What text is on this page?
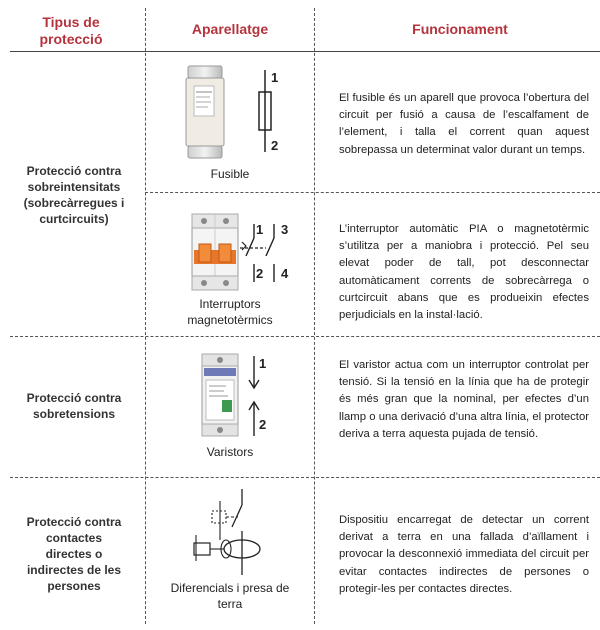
Tipus de protecció
Aparellatge	Funcionament
Protecció contra sobreintensitats (sobrecàrregues i curtcircuits)
1
2
Fusible
El fusible és un aparell que provoca l’obertura del circuit per fusió a causa de l’escalfament de l’element, i talla el corrent quan aquest sobrepassa un determinat valor durant un temps.
1 3
2 4
Interruptors magnetotèrmics
L’interruptor automàtic PIA o magnetotèrmic s’utilitza per a maniobra i protecció. Pel seu elevat poder de tall, pot desconnectar automàticament corrents de sobrecàrrega o curtcircuit abans que es produeixin efectes perjudicials en la instal·lació.
Protecció contra sobretensions
1
2
Varistors
El varistor actua com un interruptor controlat per tensió. Si la tensió en la línia que ha de protegir és més gran que la nominal, per efectes d’un llamp o una derivació d’una altra línia, el protector deriva a terra aquesta pujada de tensió.
Protecció contra contactes directes o indirectes de les persones	Diferencials i presa de terra
Dispositiu encarregat de detectar un corrent derivat a terra en una fallada d’aïllament i provocar la desconnexió immediata del circuit per evitar contactes indirectes de persones o protegir-les per contactes directes.
